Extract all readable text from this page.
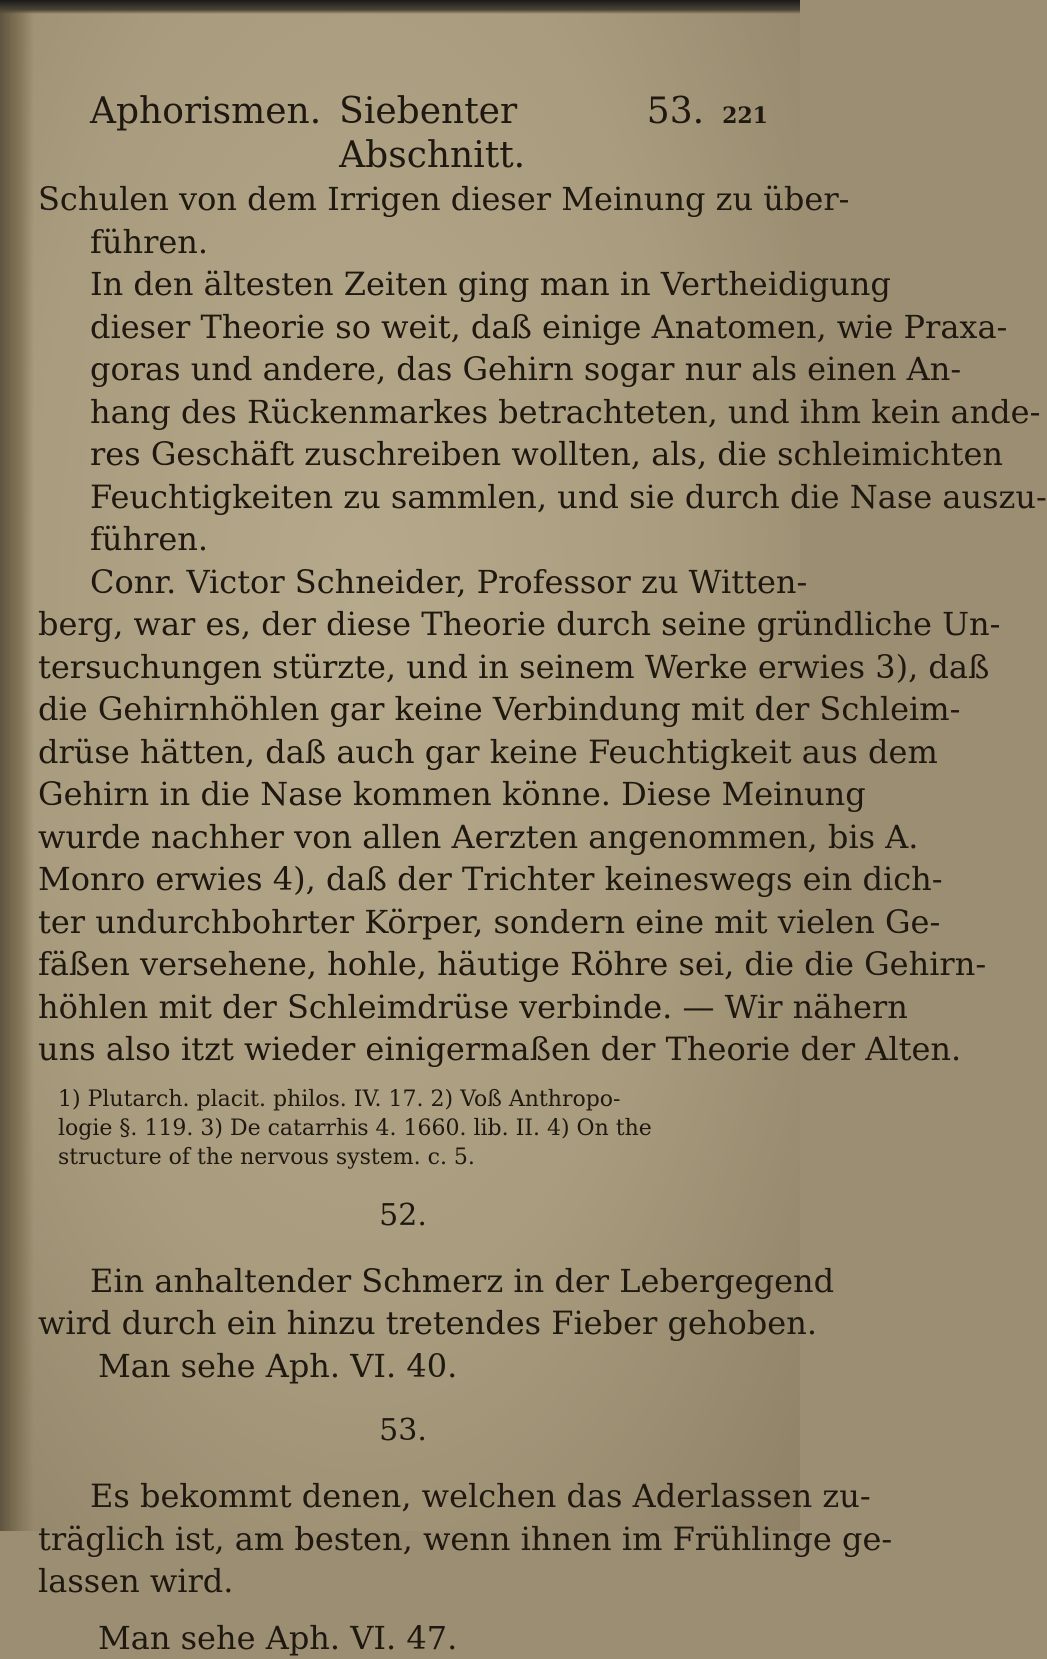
Aphorismen. Siebenter Abschnitt.
53. 221
Schulen von dem Irrigen dieser Meinung zu über-
führen.
In den ältesten Zeiten ging man in Vertheidigung
dieser Theorie so weit, daß einige Anatomen, wie Praxa-
goras und andere, das Gehirn sogar nur als einen An-
hang des Rückenmarkes betrachteten, und ihm kein ande-
res Geschäft zuschreiben wollten, als, die schleimichten
Feuchtigkeiten zu sammlen, und sie durch die Nase auszu-
führen.
Conr. Victor Schneider, Professor zu Witten-
berg, war es, der diese Theorie durch seine gründliche Un-
tersuchungen stürzte, und in seinem Werke erwies 3), daß
die Gehirnhöhlen gar keine Verbindung mit der Schleim-
drüse hätten, daß auch gar keine Feuchtigkeit aus dem
Gehirn in die Nase kommen könne. Diese Meinung
wurde nachher von allen Aerzten angenommen, bis A.
Monro erwies 4), daß der Trichter keineswegs ein dich-
ter undurchbohrter Körper, sondern eine mit vielen Ge-
fäßen versehene, hohle, häutige Röhre sei, die die Gehirn-
höhlen mit der Schleimdrüse verbinde. — Wir nähern
uns also itzt wieder einigermaßen der Theorie der Alten.
1) Plutarch. placit. philos. IV. 17. 2) Voß Anthropo-
logie §. 119. 3) De catarrhis 4. 1660. lib. II. 4) On the
structure of the nervous system. c. 5.
52.
Ein anhaltender Schmerz in der Lebergegend
wird durch ein hinzu tretendes Fieber gehoben.
Man sehe Aph. VI. 40.
53.
Es bekommt denen, welchen das Aderlassen zu-
träglich ist, am besten, wenn ihnen im Frühlinge ge-
lassen wird.
Man sehe Aph. VI. 47.
